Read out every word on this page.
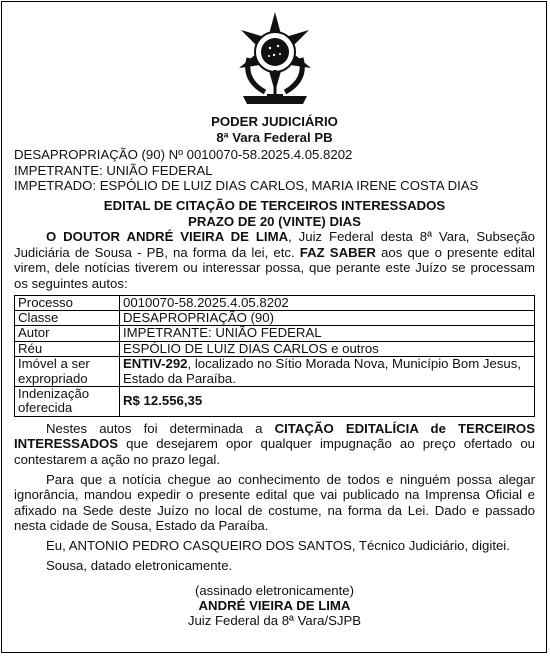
PODER JUDICIÁRIO
8ª Vara Federal PB
DESAPROPRIAÇÃO (90) Nº 0010070-58.2025.4.05.8202
IMPETRANTE: UNIÃO FEDERAL
IMPETRADO: ESPÓLIO DE LUIZ DIAS CARLOS, MARIA IRENE COSTA DIAS
EDITAL DE CITAÇÃO DE TERCEIROS INTERESSADOS
PRAZO DE 20 (VINTE) DIAS

O DOUTOR ANDRÉ VIEIRA DE LIMA, Juiz Federal desta 8ª Vara, Subseção Judiciária de Sousa - PB, na forma da lei, etc. FAZ SABER aos que o presente edital virem, dele notícias tiverem ou interessar possa, que perante este Juízo se processam os seguintes autos:

Processo	0010070-58.2025.4.05.8202
Classe	DESAPROPRIAÇÃO (90)
Autor	IMPETRANTE: UNIÃO FEDERAL
Réu	ESPÓLIO DE LUIZ DIAS CARLOS e outros
Imóvel a ser expropriado	ENTIV-292, localizado no Sítio Morada Nova, Município Bom Jesus, Estado da Paraíba.
Indenização oferecida	R$ 12.556,35

Nestes autos foi determinada a CITAÇÃO EDITALÍCIA de TERCEIROS INTERESSADOS que desejarem opor qualquer impugnação ao preço ofertado ou contestarem a ação no prazo legal.

Para que a notícia chegue ao conhecimento de todos e ninguém possa alegar ignorância, mandou expedir o presente edital que vai publicado na Imprensa Oficial e afixado na Sede deste Juízo no local de costume, na forma da Lei. Dado e passado nesta cidade de Sousa, Estado da Paraíba.

Eu, ANTONIO PEDRO CASQUEIRO DOS SANTOS, Técnico Judiciário, digitei.

Sousa, datado eletronicamente.

(assinado eletronicamente)
ANDRÉ VIEIRA DE LIMA
Juiz Federal da 8ª Vara/SJPB
